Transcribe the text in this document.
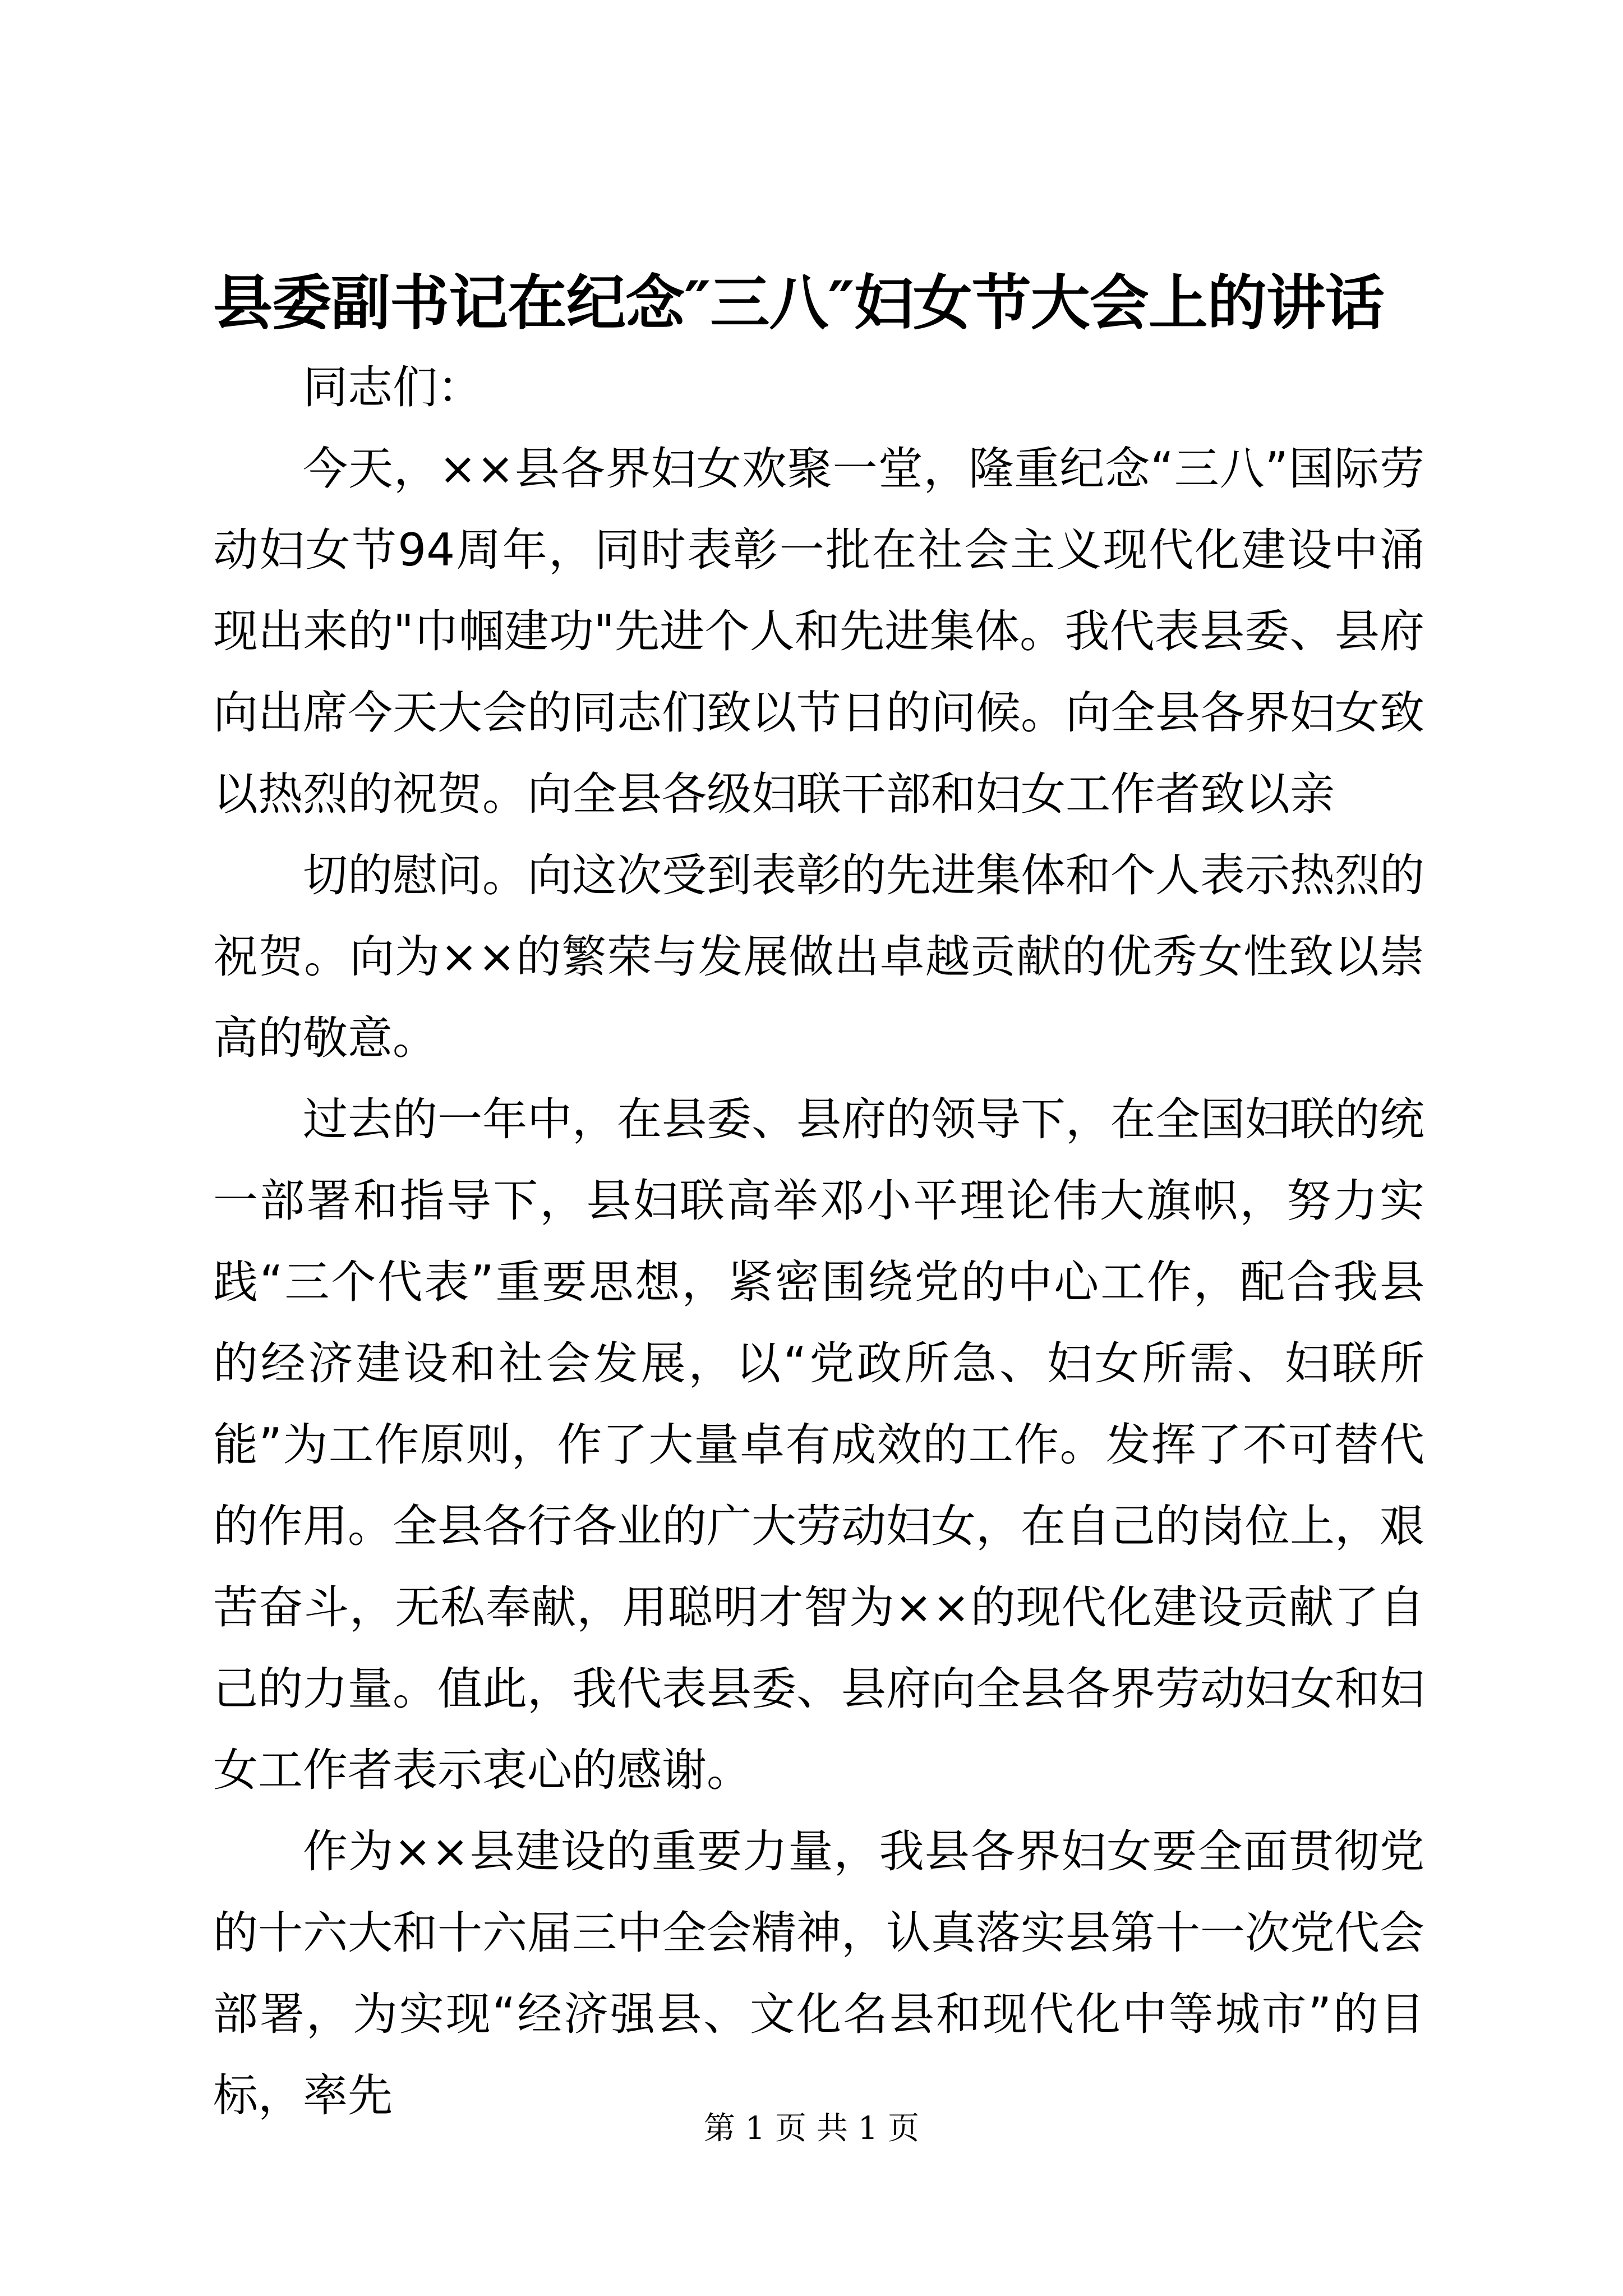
县委副书记在纪念″三八″妇女节大会上的讲话

同志们：

今天，××县各界妇女欢聚一堂，隆重纪念“三八”国际劳动妇女节94周年，同时表彰一批在社会主义现代化建设中涌现出来的"巾帼建功"先进个人和先进集体。我代表县委、县府向出席今天大会的同志们致以节日的问候。向全县各界妇女致以热烈的祝贺。向全县各级妇联干部和妇女工作者致以亲

切的慰问。向这次受到表彰的先进集体和个人表示热烈的祝贺。向为××的繁荣与发展做出卓越贡献的优秀女性致以崇高的敬意。

过去的一年中，在县委、县府的领导下，在全国妇联的统一部署和指导下，县妇联高举邓小平理论伟大旗帜，努力实践“三个代表”重要思想，紧密围绕党的中心工作，配合我县的经济建设和社会发展，以“党政所急、妇女所需、妇联所能”为工作原则，作了大量卓有成效的工作。发挥了不可替代的作用。全县各行各业的广大劳动妇女，在自己的岗位上，艰苦奋斗，无私奉献，用聪明才智为××的现代化建设贡献了自己的力量。值此，我代表县委、县府向全县各界劳动妇女和妇女工作者表示衷心的感谢。

作为××县建设的重要力量，我县各界妇女要全面贯彻党的十六大和十六届三中全会精神，认真落实县第十一次党代会部署，为实现“经济强县、文化名县和现代化中等城市”的目标，率先

第 1 页 共 1 页
